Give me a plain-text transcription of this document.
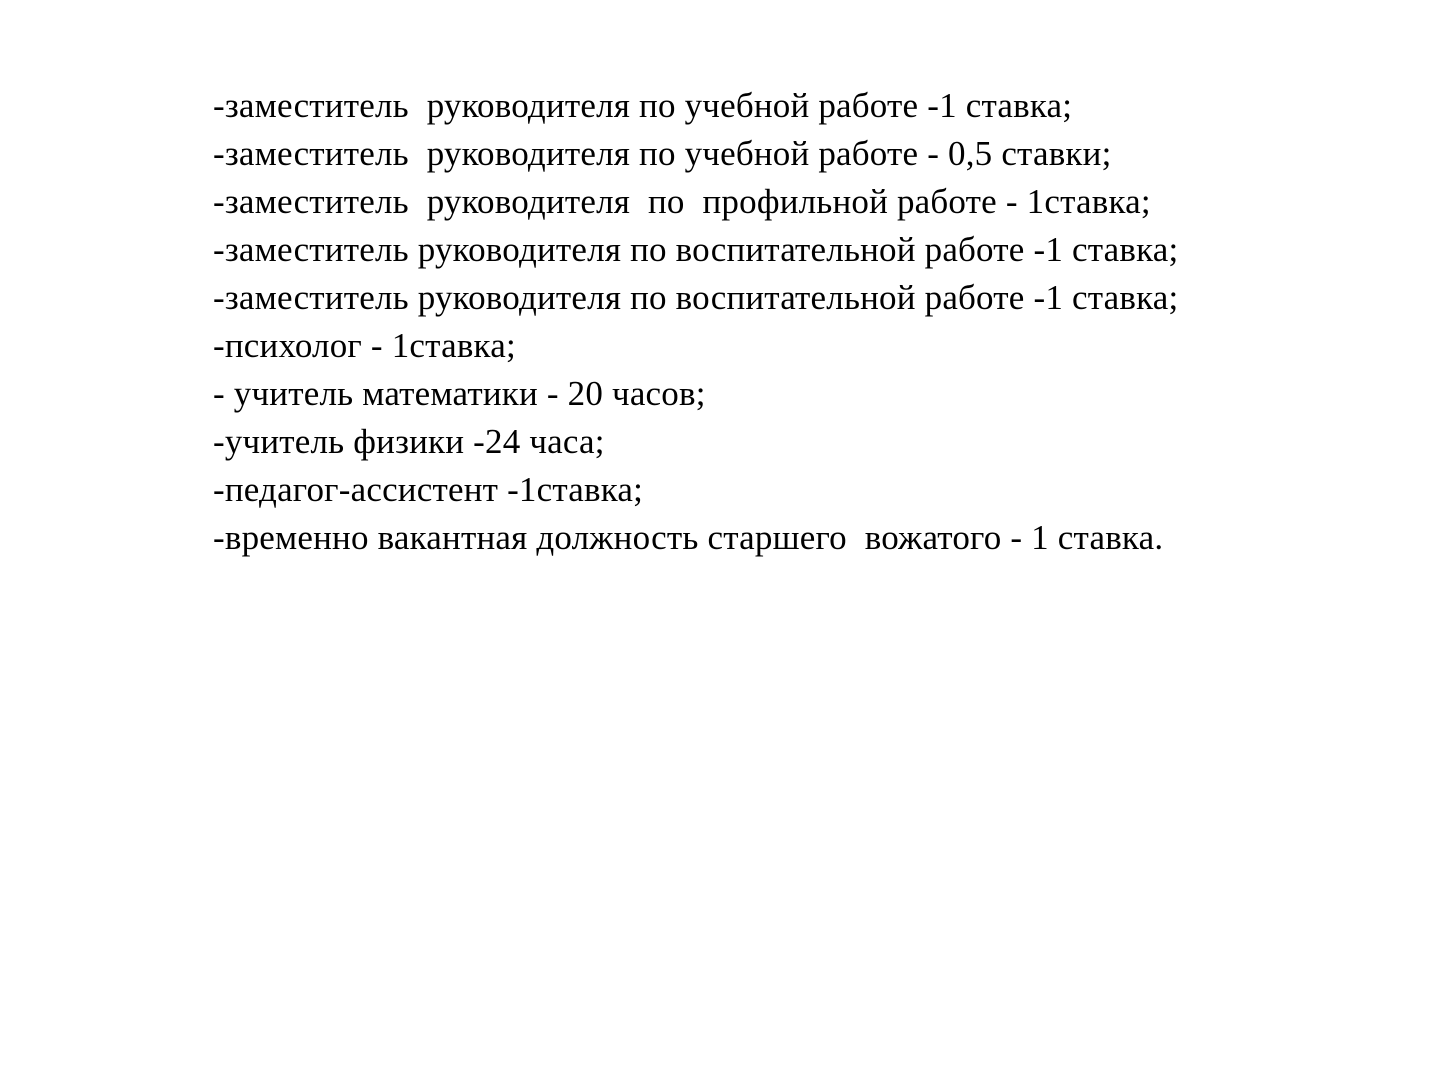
-заместитель  руководителя по учебной работе -1 ставка;

-заместитель  руководителя по учебной работе - 0,5 ставки;

-заместитель  руководителя  по  профильной работе - 1ставка;

-заместитель руководителя по воспитательной работе -1 ставка;

-заместитель руководителя по воспитательной работе -1 ставка;

-психолог - 1ставка;

- учитель математики - 20 часов;

-учитель физики -24 часа;

-педагог-ассистент -1ставка;

-временно вакантная должность старшего  вожатого - 1 ставка.
